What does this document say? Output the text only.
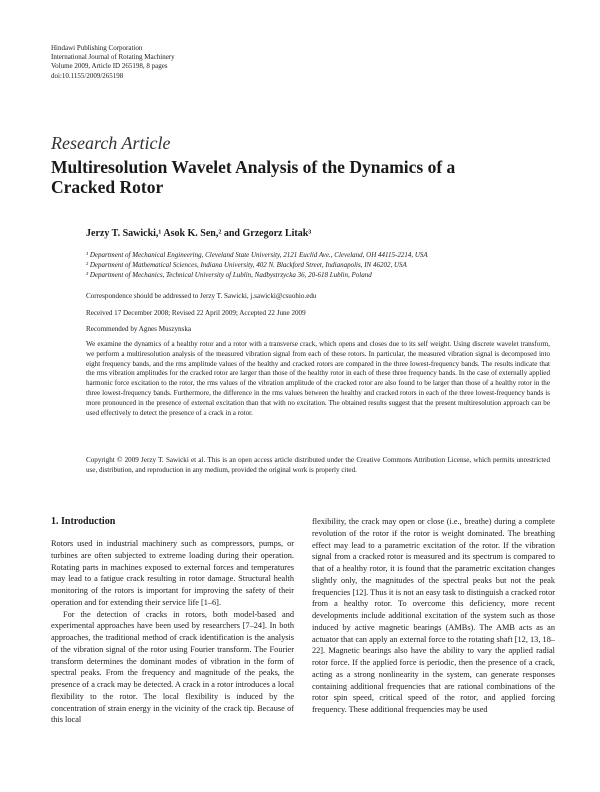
Hindawi Publishing Corporation
International Journal of Rotating Machinery
Volume 2009, Article ID 265198, 8 pages
doi:10.1155/2009/265198
Research Article
Multiresolution Wavelet Analysis of the Dynamics of a Cracked Rotor
Jerzy T. Sawicki,¹ Asok K. Sen,² and Grzegorz Litak³
¹ Department of Mechanical Engineering, Cleveland State University, 2121 Euclid Ave., Cleveland, OH 44115-2214, USA
² Department of Mathematical Sciences, Indiana University, 402 N. Blackford Street, Indianapolis, IN 46202, USA
³ Department of Mechanics, Technical University of Lublin, Nadbystrzycka 36, 20-618 Lublin, Poland
Correspondence should be addressed to Jerzy T. Sawicki, j.sawicki@csuohio.edu
Received 17 December 2008; Revised 22 April 2009; Accepted 22 June 2009
Recommended by Agnes Muszynska
We examine the dynamics of a healthy rotor and a rotor with a transverse crack, which opens and closes due to its self weight. Using discrete wavelet transform, we perform a multiresolution analysis of the measured vibration signal from each of these rotors. In particular, the measured vibration signal is decomposed into eight frequency bands, and the rms amplitude values of the healthy and cracked rotors are compared in the three lowest-frequency bands. The results indicate that the rms vibration amplitudes for the cracked rotor are larger than those of the healthy rotor in each of these three frequency bands. In the case of externally applied harmonic force excitation to the rotor, the rms values of the vibration amplitude of the cracked rotor are also found to be larger than those of a healthy rotor in the three lowest-frequency bands. Furthermore, the difference in the rms values between the healthy and cracked rotors in each of the three lowest-frequency bands is more pronounced in the presence of external excitation than that with no excitation. The obtained results suggest that the present multiresolution approach can be used effectively to detect the presence of a crack in a rotor.
Copyright © 2009 Jerzy T. Sawicki et al. This is an open access article distributed under the Creative Commons Attribution License, which permits unrestricted use, distribution, and reproduction in any medium, provided the original work is properly cited.
1. Introduction

Rotors used in industrial machinery such as compressors, pumps, or turbines are often subjected to extreme loading during their operation. Rotating parts in machines exposed to external forces and temperatures may lead to a fatigue crack resulting in rotor damage. Structural health monitoring of the rotors is important for improving the safety of their operation and for extending their service life [1–6].

For the detection of cracks in rotors, both model-based and experimental approaches have been used by researchers [7–24]. In both approaches, the traditional method of crack identification is the analysis of the vibration signal of the rotor using Fourier transform. The Fourier transform determines the dominant modes of vibration in the form of spectral peaks. From the frequency and magnitude of the peaks, the presence of a crack may be detected. A crack in a rotor introduces a local flexibility to the rotor. The local flexibility is induced by the concentration of strain energy in the vicinity of the crack tip. Because of this local

flexibility, the crack may open or close (i.e., breathe) during a complete revolution of the rotor if the rotor is weight dominated. The breathing effect may lead to a parametric excitation of the rotor. If the vibration signal from a cracked rotor is measured and its spectrum is compared to that of a healthy rotor, it is found that the parametric excitation changes slightly only, the magnitudes of the spectral peaks but not the peak frequencies [12]. Thus it is not an easy task to distinguish a cracked rotor from a healthy rotor. To overcome this deficiency, more recent developments include additional excitation of the system such as those induced by active magnetic bearings (AMBs). The AMB acts as an actuator that can apply an external force to the rotating shaft [12, 13, 18–22]. Magnetic bearings also have the ability to vary the applied radial rotor force. If the applied force is periodic, then the presence of a crack, acting as a strong nonlinearity in the system, can generate responses containing additional frequencies that are rational combinations of the rotor spin speed, critical speed of the rotor, and applied forcing frequency. These additional frequencies may be used
